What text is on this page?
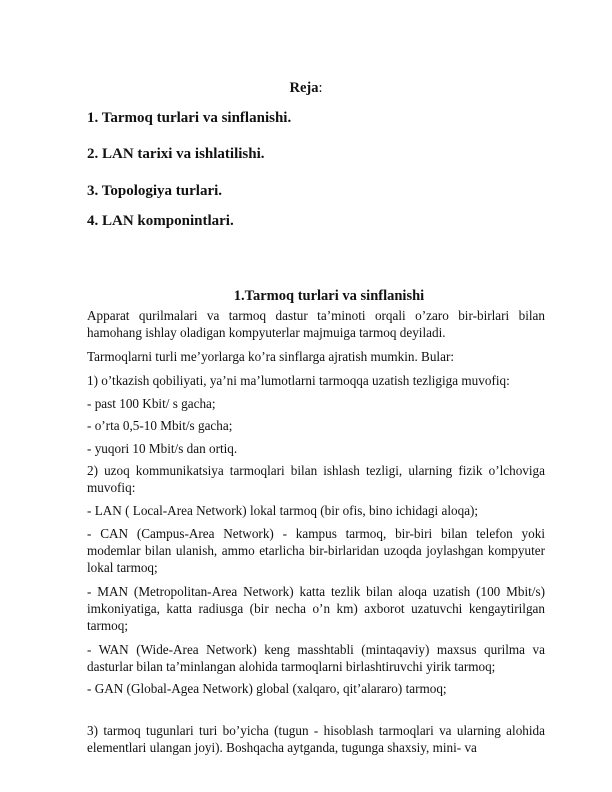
Reja:
1. Tarmoq turlari va sinflanishi.
2. LAN tarixi va ishlatilishi.
3. Topologiya turlari.
4. LAN komponintlari.
1.Tarmoq turlari va sinflanishi
Apparat qurilmalari va tarmoq dastur ta’minoti orqali o’zaro bir-birlari bilan hamohang ishlay oladigan kompyuterlar majmuiga tarmoq deyiladi.
Tarmoqlarni turli me’yorlarga ko’ra sinflarga ajratish mumkin. Bular:
1) o’tkazish qobiliyati, ya’ni ma’lumotlarni tarmoqqa uzatish tezligiga muvofiq:
- past 100 Kbit/ s gacha;
- o’rta 0,5-10 Mbit/s gacha;
- yuqori 10 Mbit/s dan ortiq.
2) uzoq kommunikatsiya tarmoqlari bilan ishlash tezligi, ularning fizik o’lchoviga muvofiq:
- LAN ( Local-Area Network) lokal tarmoq (bir ofis, bino ichidagi aloqa);
- CAN (Campus-Area Network) - kampus tarmoq, bir-biri bilan telefon yoki modemlar bilan ulanish, ammo etarlicha bir-birlaridan uzoqda joylashgan kompyuter lokal tarmoq;
- MAN (Metropolitan-Area Network) katta tezlik bilan aloqa uzatish (100 Mbit/s) imkoniyatiga, katta radiusga (bir necha o’n km) axborot uzatuvchi kengaytirilgan tarmoq;
- WAN (Wide-Area Network) keng masshtabli (mintaqaviy) maxsus qurilma va dasturlar bilan ta’minlangan alohida tarmoqlarni birlashtiruvchi yirik tarmoq;
- GAN (Global-Agea Network) global (xalqaro, qit’alararo) tarmoq;
3) tarmoq tugunlari turi bo’yicha (tugun - hisoblash tarmoqlari va ularning alohida elementlari ulangan joyi). Boshqacha aytganda, tugunga shaxsiy, mini- va
